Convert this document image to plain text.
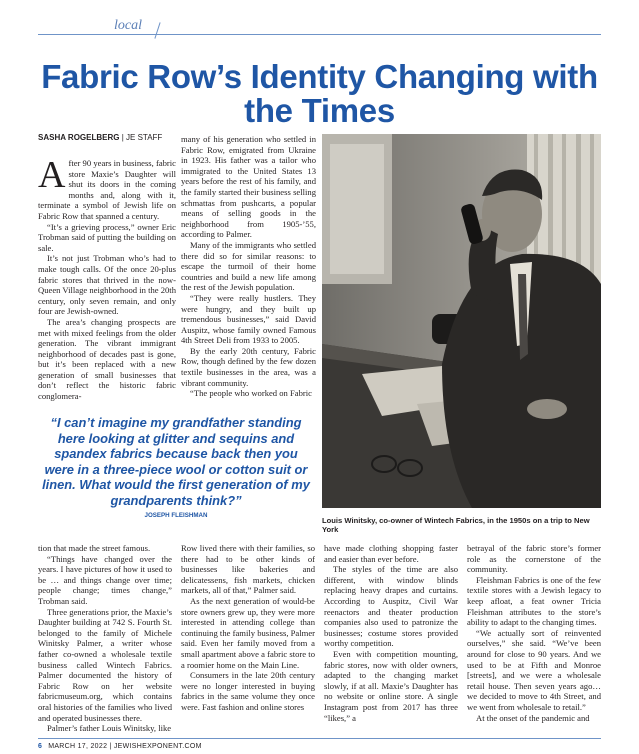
local
Fabric Row’s Identity Changing with the Times
SASHA ROGELBERG | JE STAFF

After 90 years in business, fabric store Maxie’s Daughter will shut its doors in the coming months and, along with it, terminate a symbol of Jewish life on Fabric Row that spanned a century.

“It’s a grieving process,” owner Eric Trobman said of putting the building on sale.

It’s not just Trobman who’s had to make tough calls. Of the once 20-plus fabric stores that thrived in the now-Queen Village neighborhood in the 20th century, only seven remain, and only four are Jewish-owned.

The area’s changing prospects are met with mixed feelings from the older generation. The vibrant immigrant neighborhood of decades past is gone, but it’s been replaced with a new generation of small businesses that don’t reflect the historic fabric conglomera-

many of his generation who settled in Fabric Row, emigrated from Ukraine in 1923. His father was a tailor who immigrated to the United States 13 years before the rest of his family, and the family started their business selling schmattas from pushcarts, a popular means of selling goods in the neighborhood from 1905-’55, according to Palmer.

Many of the immigrants who settled there did so for similar reasons: to escape the turmoil of their home countries and build a new life among the rest of the Jewish population.

“They were really hustlers. They were hungry, and they built up tremendous businesses,” said David Auspitz, whose family owned Famous 4th Street Deli from 1933 to 2005.

By the early 20th century, Fabric Row, though defined by the few dozen textile businesses in the area, was a vibrant community.

“The people who worked on Fabric

Louis Winitsky, co-owner of Wintech Fabrics, in the 1950s on a trip to New York
“I can’t imagine my grandfather standing here looking at glitter and sequins and spandex fabrics because back then you were in a three-piece wool or cotton suit or linen. What would the first generation of my grandparents think?”
JOSEPH FLEISHMAN

tion that made the street famous.

“Things have changed over the years. I have pictures of how it used to be … and things change over time; people change; times change,” Trobman said.

Three generations prior, the Maxie’s Daughter building at 742 S. Fourth St. belonged to the family of Michele Winitsky Palmer, a writer whose father co-owned a wholesale textile business called Wintech Fabrics. Palmer documented the history of Fabric Row on her website fabricmuseum.org, which contains oral histories of the families who lived and operated businesses there.

Palmer’s father Louis Winitsky, like

Row lived there with their families, so there had to be other kinds of businesses like bakeries and delicatessens, fish markets, chicken markets, all of that,” Palmer said.

As the next generation of would-be store owners grew up, they were more interested in attending college than continuing the family business, Palmer said. Even her family moved from a small apartment above a fabric store to a roomier home on the Main Line.

Consumers in the late 20th century were no longer interested in buying fabrics in the same volume they once were. Fast fashion and online stores

have made clothing shopping faster and easier than ever before.

The styles of the time are also different, with window blinds replacing heavy drapes and curtains. According to Auspitz, Civil War reenactors and theater production companies also used to patronize the businesses; costume stores provided worthy competition.

Even with competition mounting, fabric stores, now with older owners, adapted to the changing market slowly, if at all. Maxie’s Daughter has no website or online store. A single Instagram post from 2017 has three “likes,” a

betrayal of the fabric store’s former role as the cornerstone of the community.

Fleishman Fabrics is one of the few textile stores with a Jewish legacy to keep afloat, a feat owner Tricia Fleishman attributes to the store’s ability to adapt to the changing times.

“We actually sort of reinvented ourselves,” she said. “We’ve been around for close to 90 years. And we used to be at Fifth and Monroe [streets], and we were a wholesale retail house. Then seven years ago…we decided to move to 4th Street, and we went from wholesale to retail.”

At the onset of the pandemic and

6 MARCH 17, 2022 | JEWISHEXPONENT.COM
